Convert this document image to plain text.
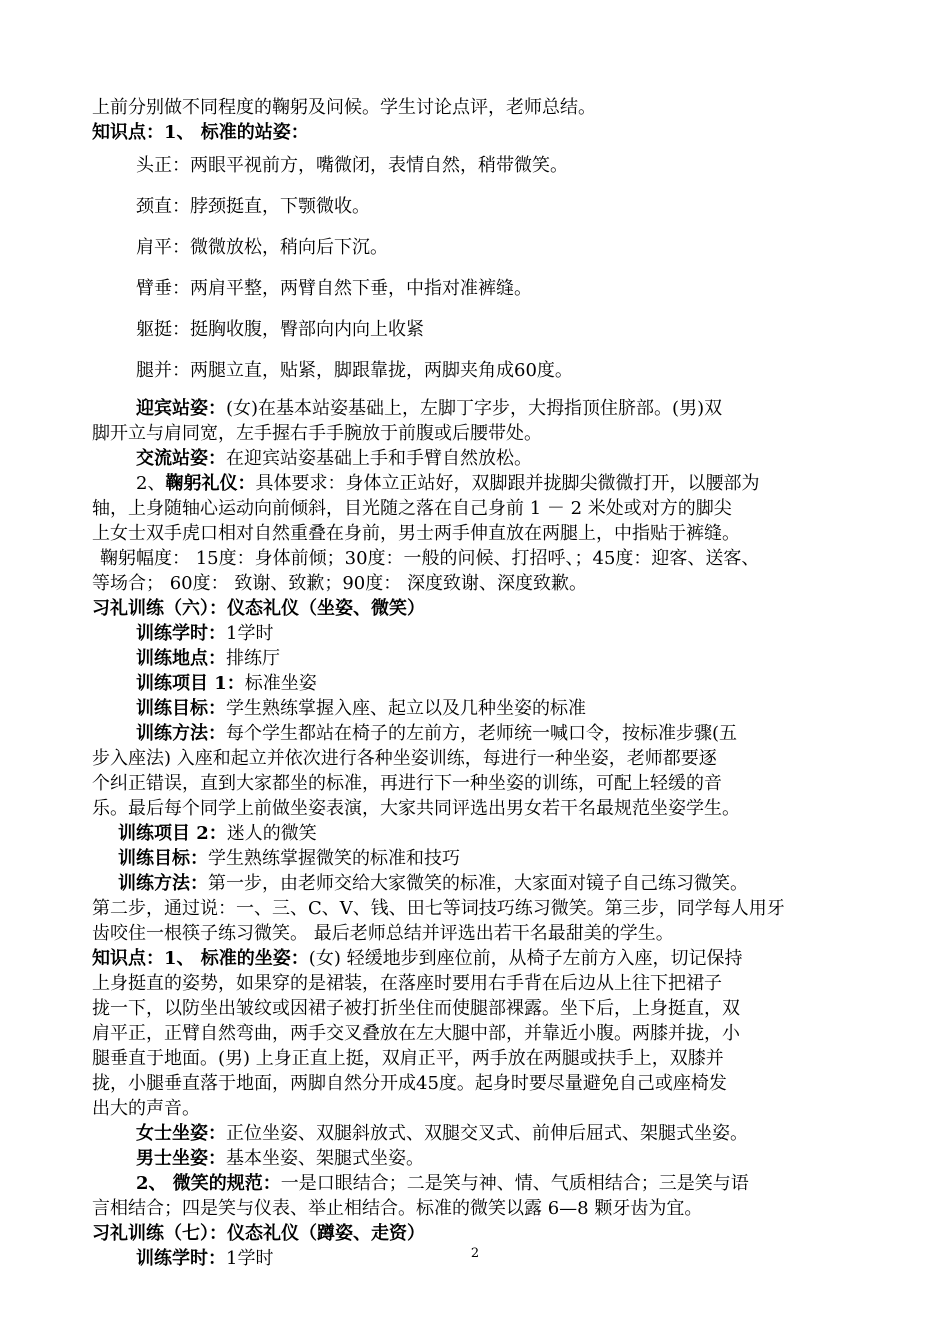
上前分别做不同程度的鞠躬及问候。学生讨论点评，老师总结。
知识点：1、 标准的站姿：
头正：两眼平视前方，嘴微闭，表情自然，稍带微笑。
颈直：脖颈挺直，下颚微收。
肩平：微微放松，稍向后下沉。
臂垂：两肩平整，两臂自然下垂，中指对准裤缝。
躯挺：挺胸收腹，臀部向内向上收紧
腿并：两腿立直，贴紧，脚跟靠拢，两脚夹角成60度。
迎宾站姿：(女)在基本站姿基础上，左脚丁字步，大拇指顶住脐部。(男)双
脚开立与肩同宽，左手握右手手腕放于前腹或后腰带处。
交流站姿：在迎宾站姿基础上手和手臂自然放松。
2、鞠躬礼仪：具体要求：身体立正站好，双脚跟并拢脚尖微微打开，以腰部为
轴，上身随轴心运动向前倾斜，目光随之落在自己身前 1 － 2 米处或对方的脚尖
上女士双手虎口相对自然重叠在身前，男士两手伸直放在两腿上，中指贴于裤缝。
鞠躬幅度： 15度：身体前倾；30度：一般的问候、打招呼、；45度：迎客、送客、
等场合； 60度： 致谢、致歉；90度： 深度致谢、深度致歉。
习礼训练（六）：仪态礼仪（坐姿、微笑）
训练学时：1学时
训练地点：排练厅
训练项目 1：标准坐姿
训练目标：学生熟练掌握入座、起立以及几种坐姿的标准
训练方法：每个学生都站在椅子的左前方，老师统一喊口令，按标准步骤(五
步入座法) 入座和起立并依次进行各种坐姿训练，每进行一种坐姿，老师都要逐
个纠正错误，直到大家都坐的标准，再进行下一种坐姿的训练，可配上轻缓的音
乐。最后每个同学上前做坐姿表演，大家共同评选出男女若干名最规范坐姿学生。
训练项目 2：迷人的微笑
训练目标：学生熟练掌握微笑的标准和技巧
训练方法：第一步，由老师交给大家微笑的标准，大家面对镜子自己练习微笑。
第二步，通过说：一、三、C、V、钱、田七等词技巧练习微笑。第三步，同学每人用牙
齿咬住一根筷子练习微笑。 最后老师总结并评选出若干名最甜美的学生。
知识点：1、 标准的坐姿：(女) 轻缓地步到座位前，从椅子左前方入座，切记保持
上身挺直的姿势，如果穿的是裙装，在落座时要用右手背在后边从上往下把裙子
拢一下，以防坐出皱纹或因裙子被打折坐住而使腿部裸露。坐下后，上身挺直，双
肩平正，正臂自然弯曲，两手交叉叠放在左大腿中部，并靠近小腹。两膝并拢，小
腿垂直于地面。(男) 上身正直上挺，双肩正平，两手放在两腿或扶手上，双膝并
拢，小腿垂直落于地面，两脚自然分开成45度。起身时要尽量避免自己或座椅发
出大的声音。
女士坐姿：正位坐姿、双腿斜放式、双腿交叉式、前伸后屈式、架腿式坐姿。
男士坐姿：基本坐姿、架腿式坐姿。
2、 微笑的规范：一是口眼结合；二是笑与神、情、气质相结合；三是笑与语
言相结合；四是笑与仪表、举止相结合。标准的微笑以露 6—8 颗牙齿为宜。
习礼训练（七）：仪态礼仪（蹲姿、走资）
训练学时：1学时	2
